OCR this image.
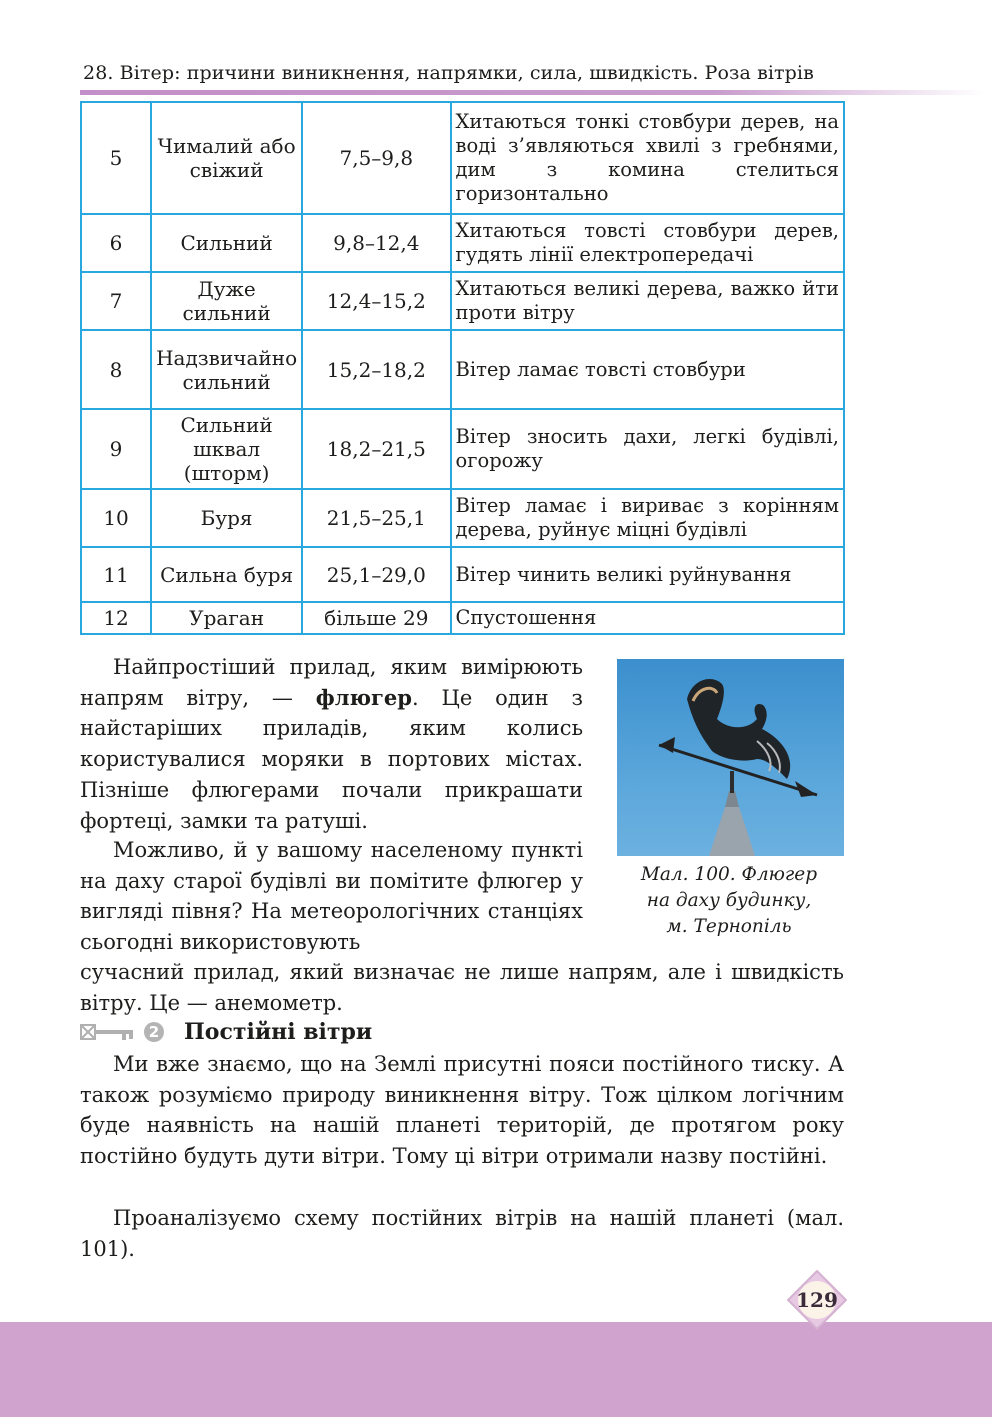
28. Вітер: причини виникнення, напрямки, сила, швидкість. Роза вітрів
5	Чималий або свіжий	7,5–9,8	Хитаються тонкі стовбури дерев, на воді з’являються хвилі з гребнями, дим з комина стелиться горизонтально
6	Сильний	9,8–12,4	Хитаються товсті стовбури дерев, гудять лінії електропередачі
7	Дуже сильний	12,4–15,2	Хитаються великі дерева, важко йти проти вітру
8	Надзвичайно сильний	15,2–18,2	Вітер ламає товсті стовбури
9	Сильний шквал (шторм)	18,2–21,5	Вітер зносить дахи, легкі будівлі, огорожу
10	Буря	21,5–25,1	Вітер ламає і вириває з корінням дерева, руйнує міцні будівлі
11	Сильна буря	25,1–29,0	Вітер чинить великі руйнування
12	Ураган	більше 29	Спустошення

Найпростіший прилад, яким вимірюють напрям вітру, — флюгер. Це один з найстаріших приладів, яким колись користувалися моряки в портових містах. Пізніше флюгерами почали прикрашати фортеці, замки та ратуші.

Можливо, й у вашому населеному пункті на даху старої будівлі ви помітите флюгер у вигляді півня? На метеорологічних станціях сьогодні використовують

сучасний прилад, який визначає не лише напрям, але і швидкість вітру. Це — анемометр.

Мал. 100. Флюгер
на даху будинку,
м. Тернопіль
2 Постійні вітри

Ми вже знаємо, що на Землі присутні пояси постійного тиску. А також розуміємо природу виникнення вітру. Тож цілком логічним буде наявність на нашій планеті територій, де протягом року постійно будуть дути вітри. Тому ці вітри отримали назву постійні.

Проаналізуємо схему постійних вітрів на нашій планеті (мал. 101).

129
